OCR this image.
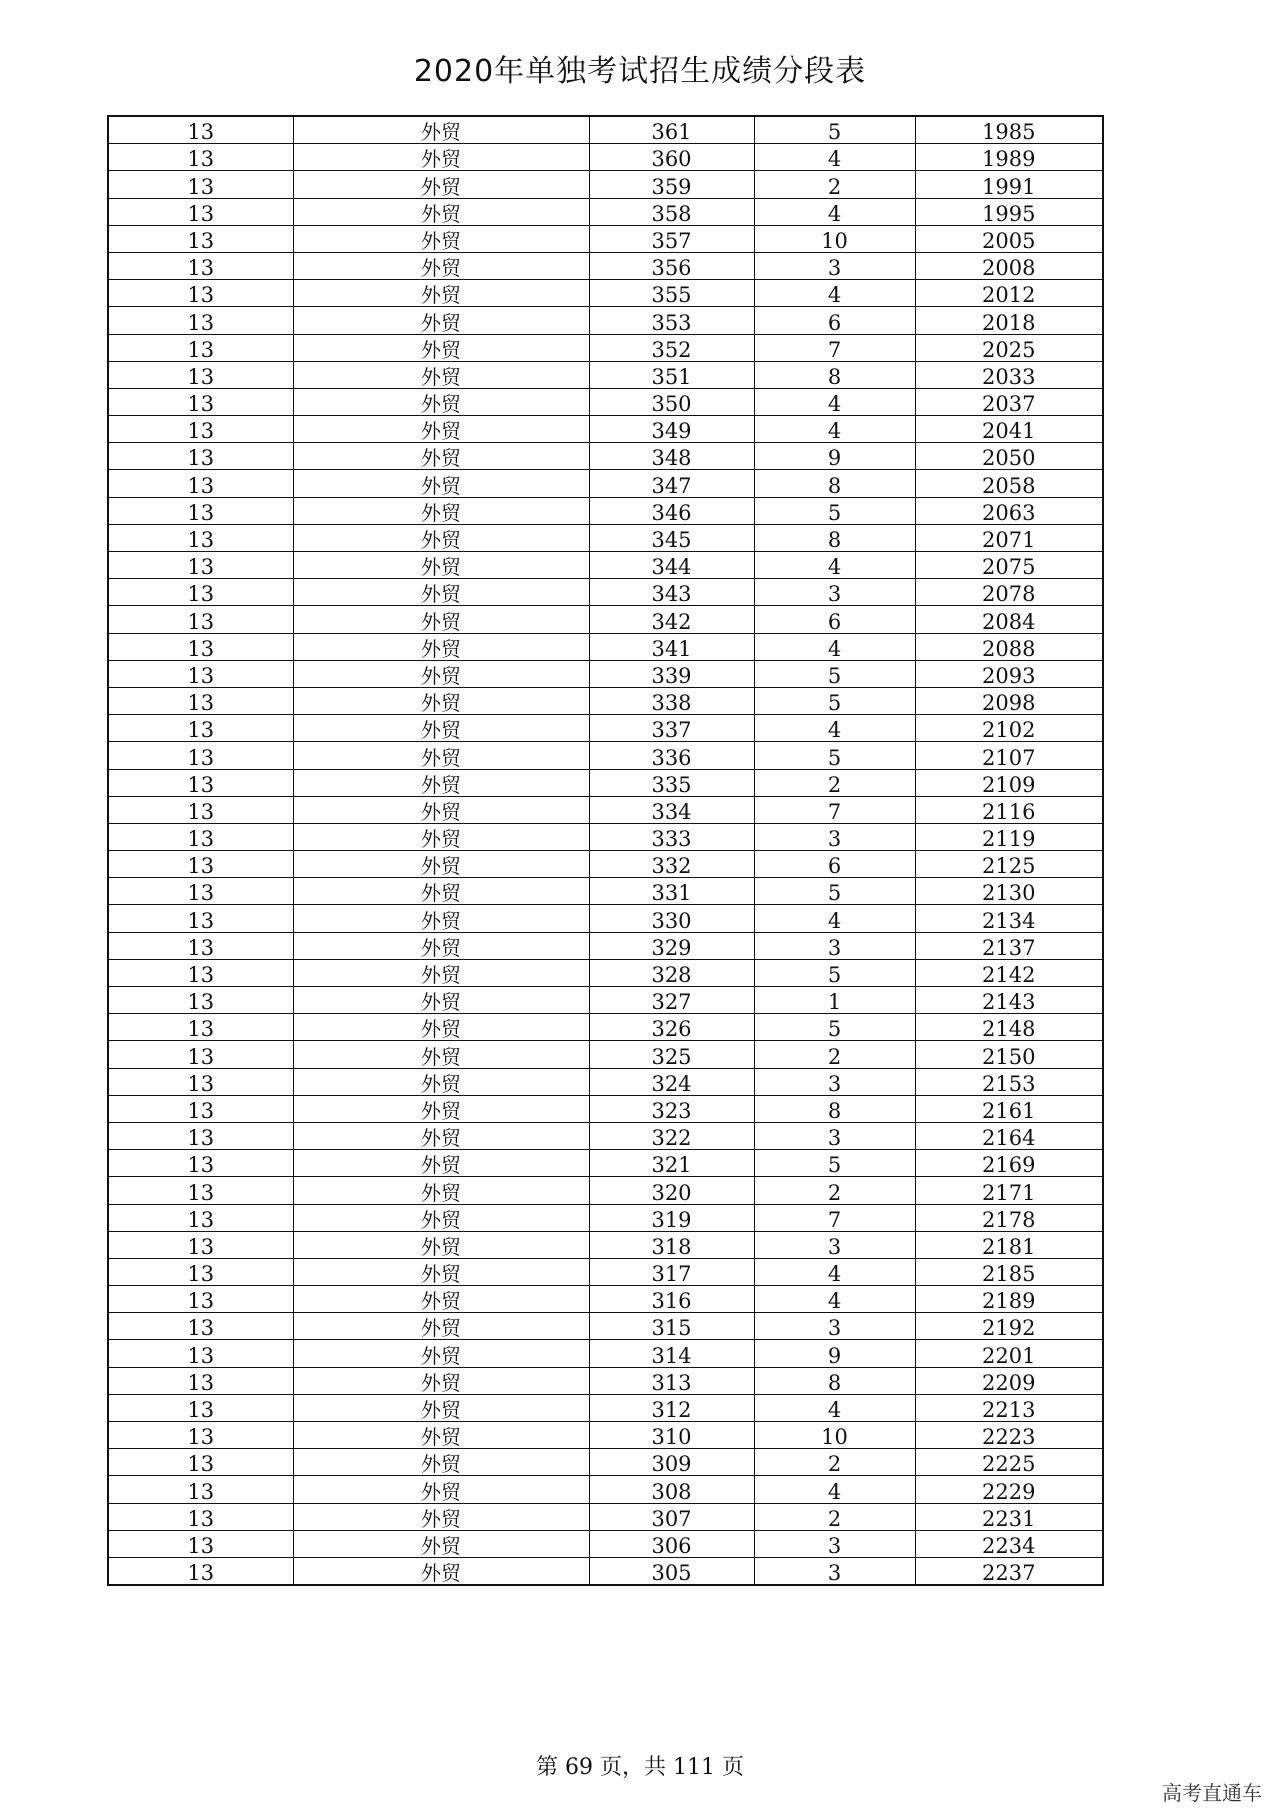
2020年单独考试招生成绩分段表
13	外贸	361	5	1985
13	外贸	360	4	1989
13	外贸	359	2	1991
13	外贸	358	4	1995
13	外贸	357	10	2005
13	外贸	356	3	2008
13	外贸	355	4	2012
13	外贸	353	6	2018
13	外贸	352	7	2025
13	外贸	351	8	2033
13	外贸	350	4	2037
13	外贸	349	4	2041
13	外贸	348	9	2050
13	外贸	347	8	2058
13	外贸	346	5	2063
13	外贸	345	8	2071
13	外贸	344	4	2075
13	外贸	343	3	2078
13	外贸	342	6	2084
13	外贸	341	4	2088
13	外贸	339	5	2093
13	外贸	338	5	2098
13	外贸	337	4	2102
13	外贸	336	5	2107
13	外贸	335	2	2109
13	外贸	334	7	2116
13	外贸	333	3	2119
13	外贸	332	6	2125
13	外贸	331	5	2130
13	外贸	330	4	2134
13	外贸	329	3	2137
13	外贸	328	5	2142
13	外贸	327	1	2143
13	外贸	326	5	2148
13	外贸	325	2	2150
13	外贸	324	3	2153
13	外贸	323	8	2161
13	外贸	322	3	2164
13	外贸	321	5	2169
13	外贸	320	2	2171
13	外贸	319	7	2178
13	外贸	318	3	2181
13	外贸	317	4	2185
13	外贸	316	4	2189
13	外贸	315	3	2192
13	外贸	314	9	2201
13	外贸	313	8	2209
13	外贸	312	4	2213
13	外贸	310	10	2223
13	外贸	309	2	2225
13	外贸	308	4	2229
13	外贸	307	2	2231
13	外贸	306	3	2234
13	外贸	305	3	2237
第 69 页，共 111 页
高考直通车
